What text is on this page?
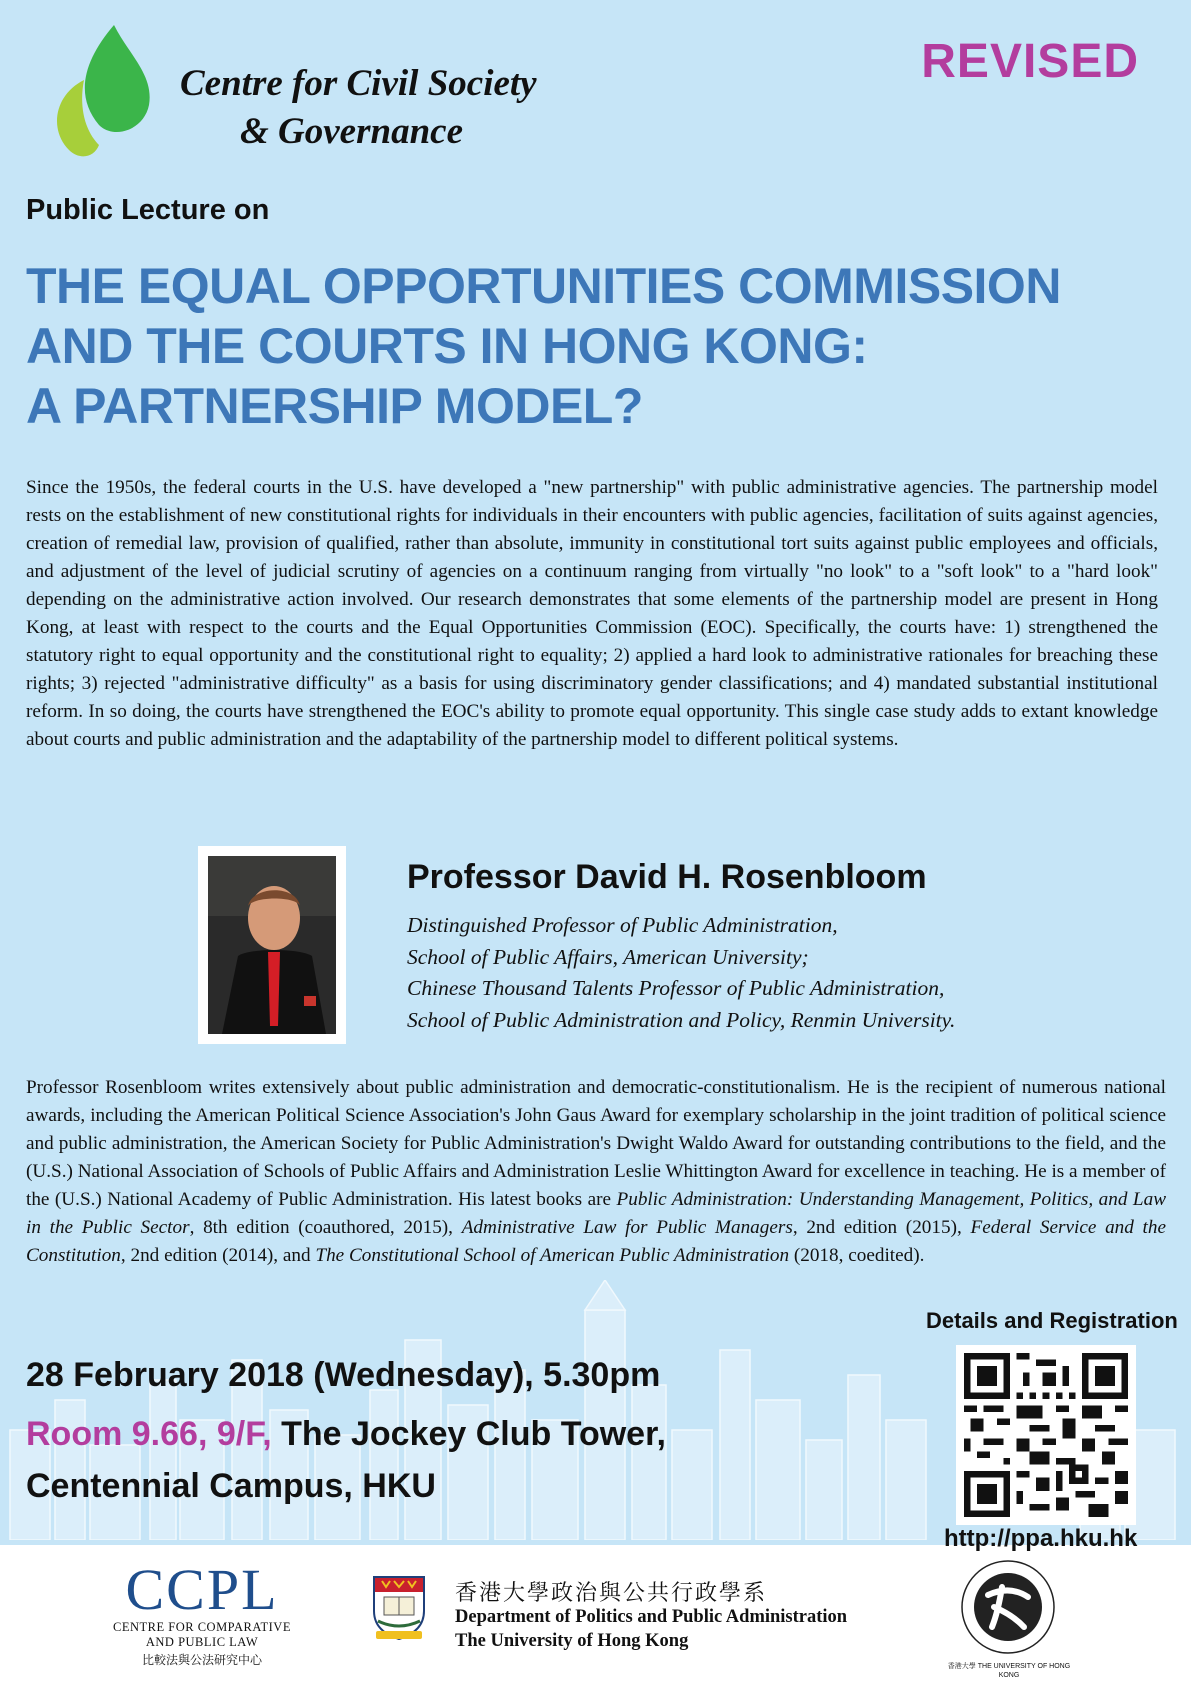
Centre for Civil Society
& Governance
REVISED
Public Lecture on
THE EQUAL OPPORTUNITIES COMMISSION
AND THE COURTS IN HONG KONG:
A PARTNERSHIP MODEL?

Since the 1950s, the federal courts in the U.S. have developed a "new partnership" with public administrative agencies. The partnership model rests on the establishment of new constitutional rights for individuals in their encounters with public agencies, facilitation of suits against agencies, creation of remedial law, provision of qualified, rather than absolute, immunity in constitutional tort suits against public employees and officials, and adjustment of the level of judicial scrutiny of agencies on a continuum ranging from virtually "no look" to a "soft look" to a "hard look" depending on the administrative action involved. Our research demonstrates that some elements of the partnership model are present in Hong Kong, at least with respect to the courts and the Equal Opportunities Commission (EOC). Specifically, the courts have: 1) strengthened the statutory right to equal opportunity and the constitutional right to equality; 2) applied a hard look to administrative rationales for breaching these rights; 3) rejected "administrative difficulty" as a basis for using discriminatory gender classifications; and 4) mandated substantial institutional reform. In so doing, the courts have strengthened the EOC's ability to promote equal opportunity. This single case study adds to extant knowledge about courts and public administration and the adaptability of the partnership model to different political systems.

Professor David H. Rosenbloom
Distinguished Professor of Public Administration,
School of Public Affairs, American University;
Chinese Thousand Talents Professor of Public Administration,
School of Public Administration and Policy, Renmin University.

Professor Rosenbloom writes extensively about public administration and democratic-constitutionalism. He is the recipient of numerous national awards, including the American Political Science Association's John Gaus Award for exemplary scholarship in the joint tradition of political science and public administration, the American Society for Public Administration's Dwight Waldo Award for outstanding contributions to the field, and the (U.S.) National Association of Schools of Public Affairs and Administration Leslie Whittington Award for excellence in teaching. He is a member of the (U.S.) National Academy of Public Administration. His latest books are Public Administration: Understanding Management, Politics, and Law in the Public Sector, 8th edition (coauthored, 2015), Administrative Law for Public Managers, 2nd edition (2015), Federal Service and the Constitution, 2nd edition (2014), and The Constitutional School of American Public Administration (2018, coedited).

Details and Registration
http://ppa.hku.hk
28 February 2018 (Wednesday), 5.30pm
Room 9.66, 9/F, The Jockey Club Tower,
Centennial Campus, HKU
CCPL
CENTRE FOR COMPARATIVE
AND PUBLIC LAW
比較法與公法研究中心
香港大學政治與公共行政學系
Department of Politics and Public Administration
The University of Hong Kong
香港大學 THE UNIVERSITY OF HONG KONG
